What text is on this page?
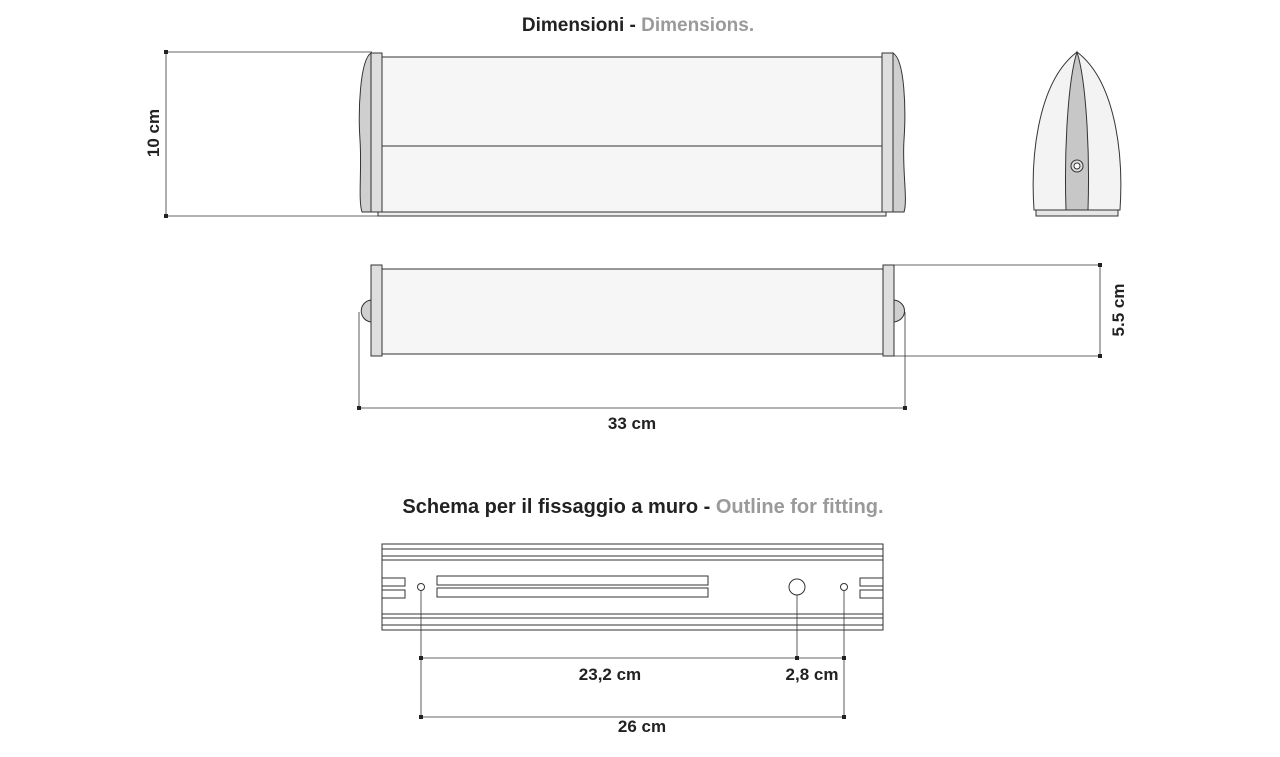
Dimensioni - Dimensions.
Schema per il fissaggio a muro - Outline for fitting.
10 cm
5.5 cm
33 cm
23,2 cm	2,8 cm
26 cm
